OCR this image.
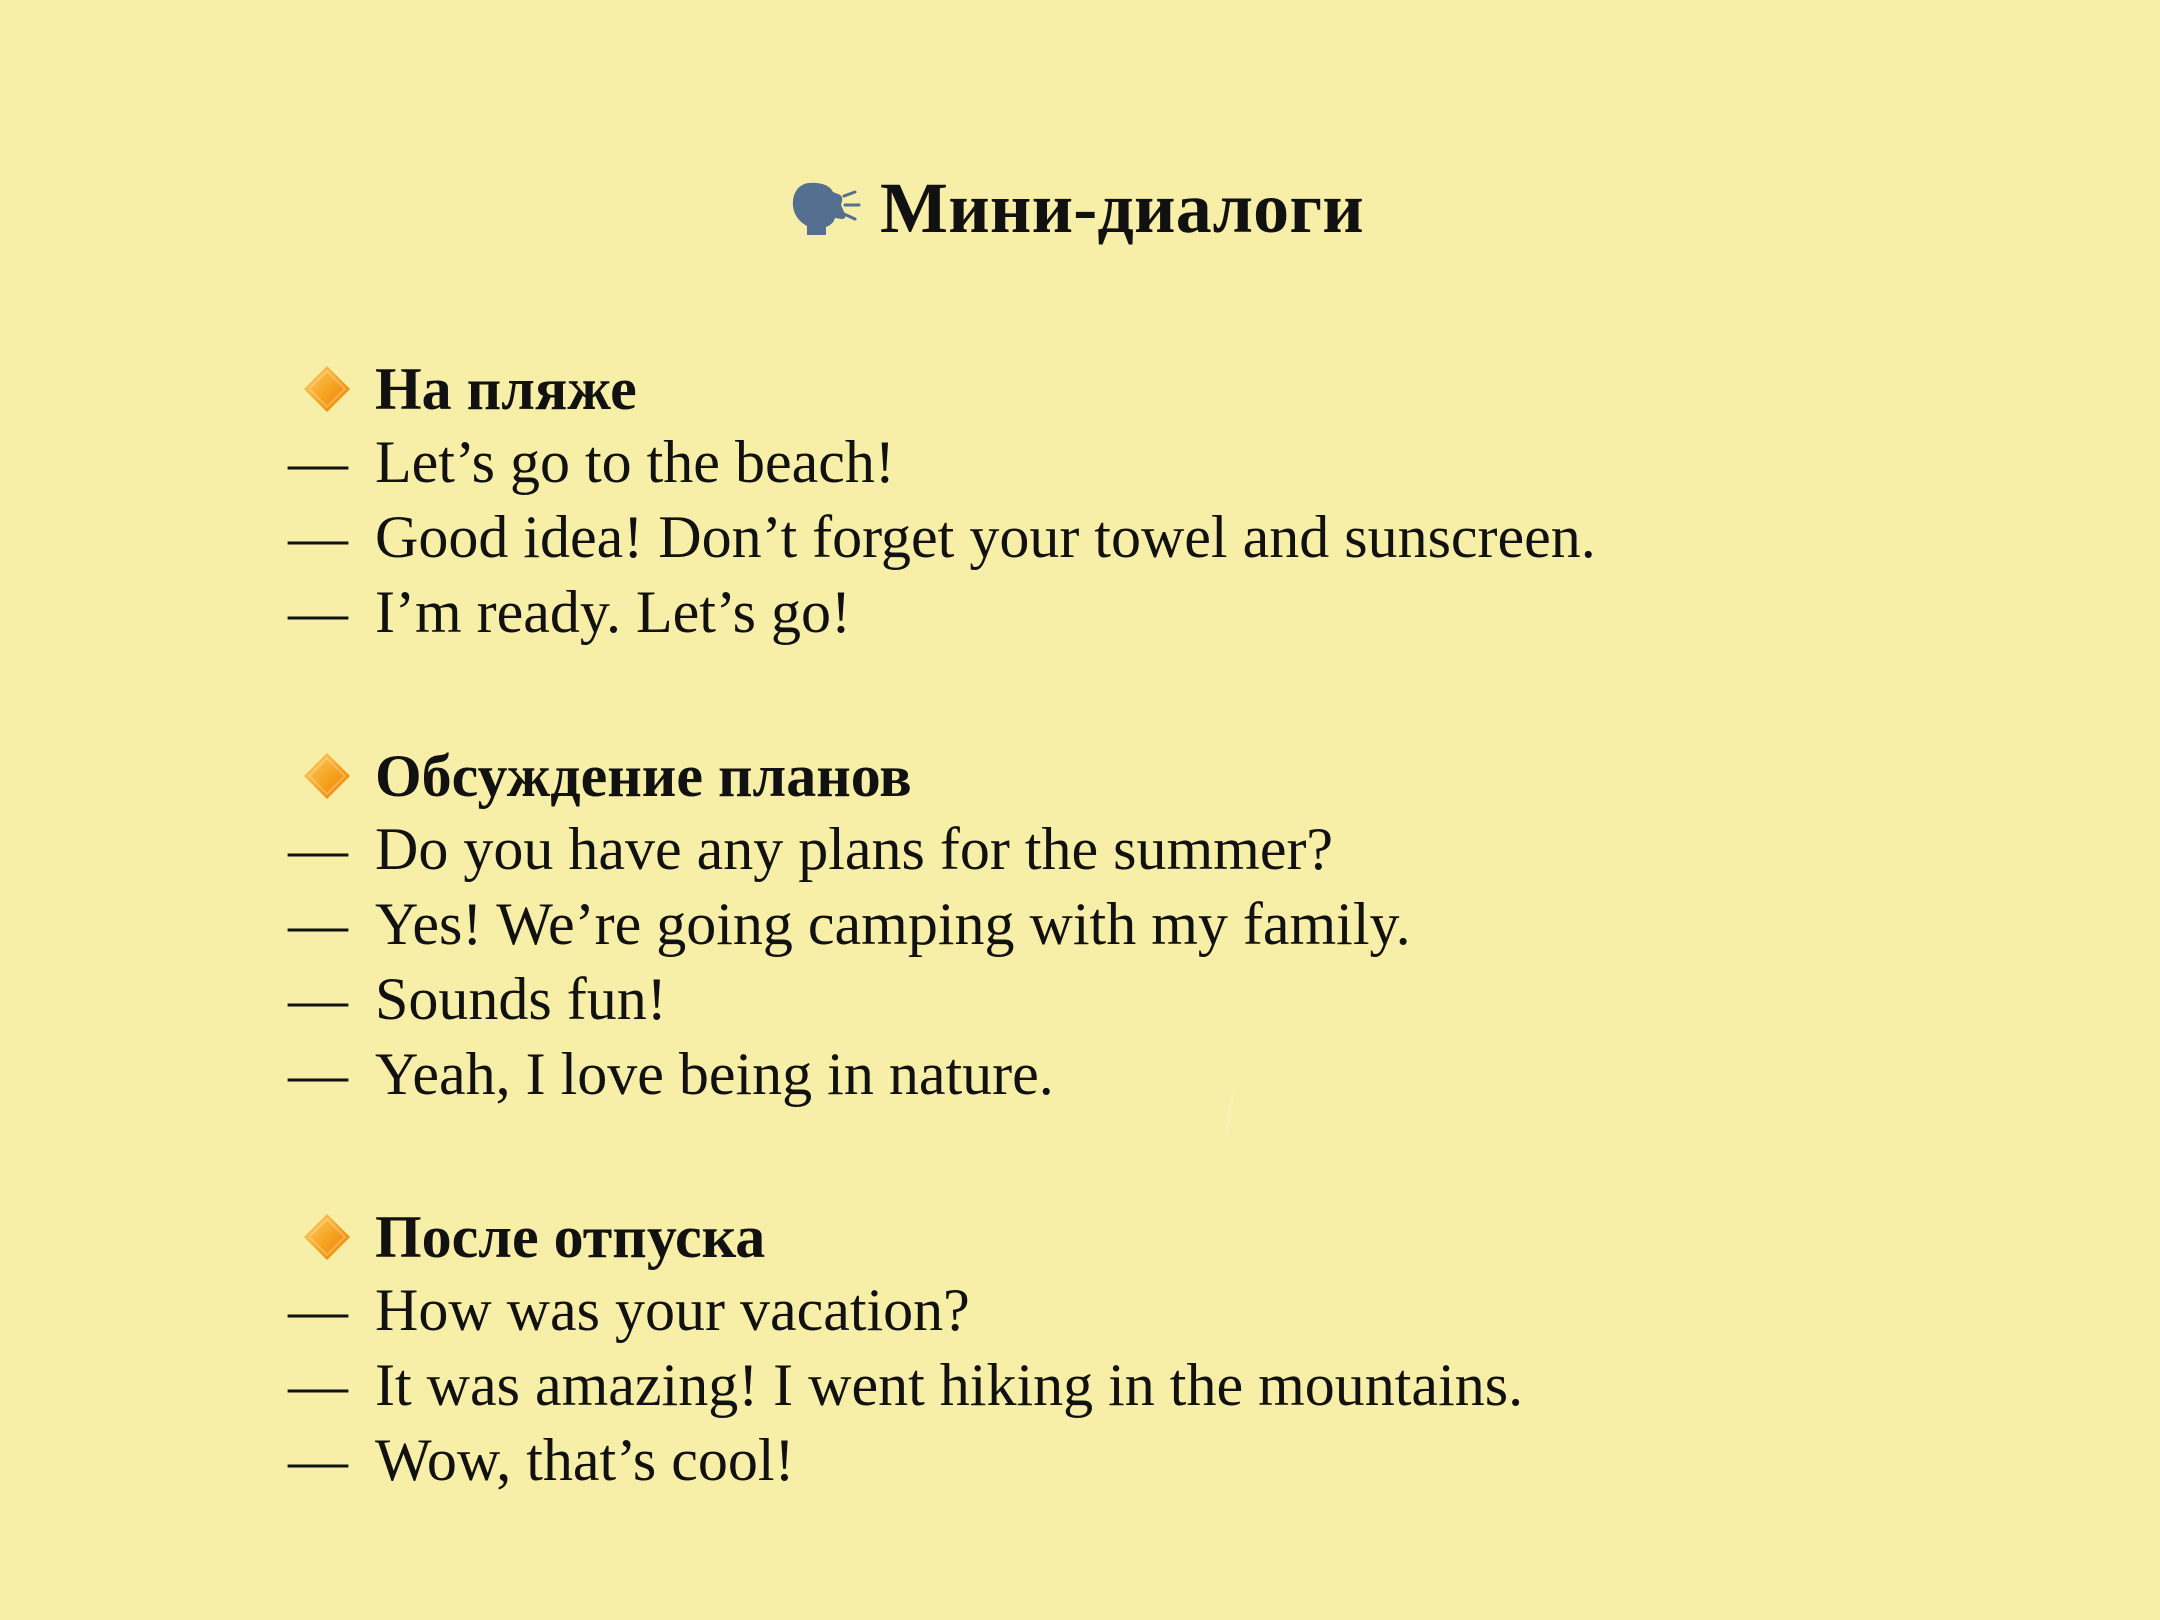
Мини-диалоги
На пляже
— Let’s go to the beach!
— Good idea! Don’t forget your towel and sunscreen.
— I’m ready. Let’s go!
Обсуждение планов
— Do you have any plans for the summer?
— Yes! We’re going camping with my family.
— Sounds fun!
— Yeah, I love being in nature.
После отпуска
— How was your vacation?
— It was amazing! I went hiking in the mountains.
— Wow, that’s cool!
